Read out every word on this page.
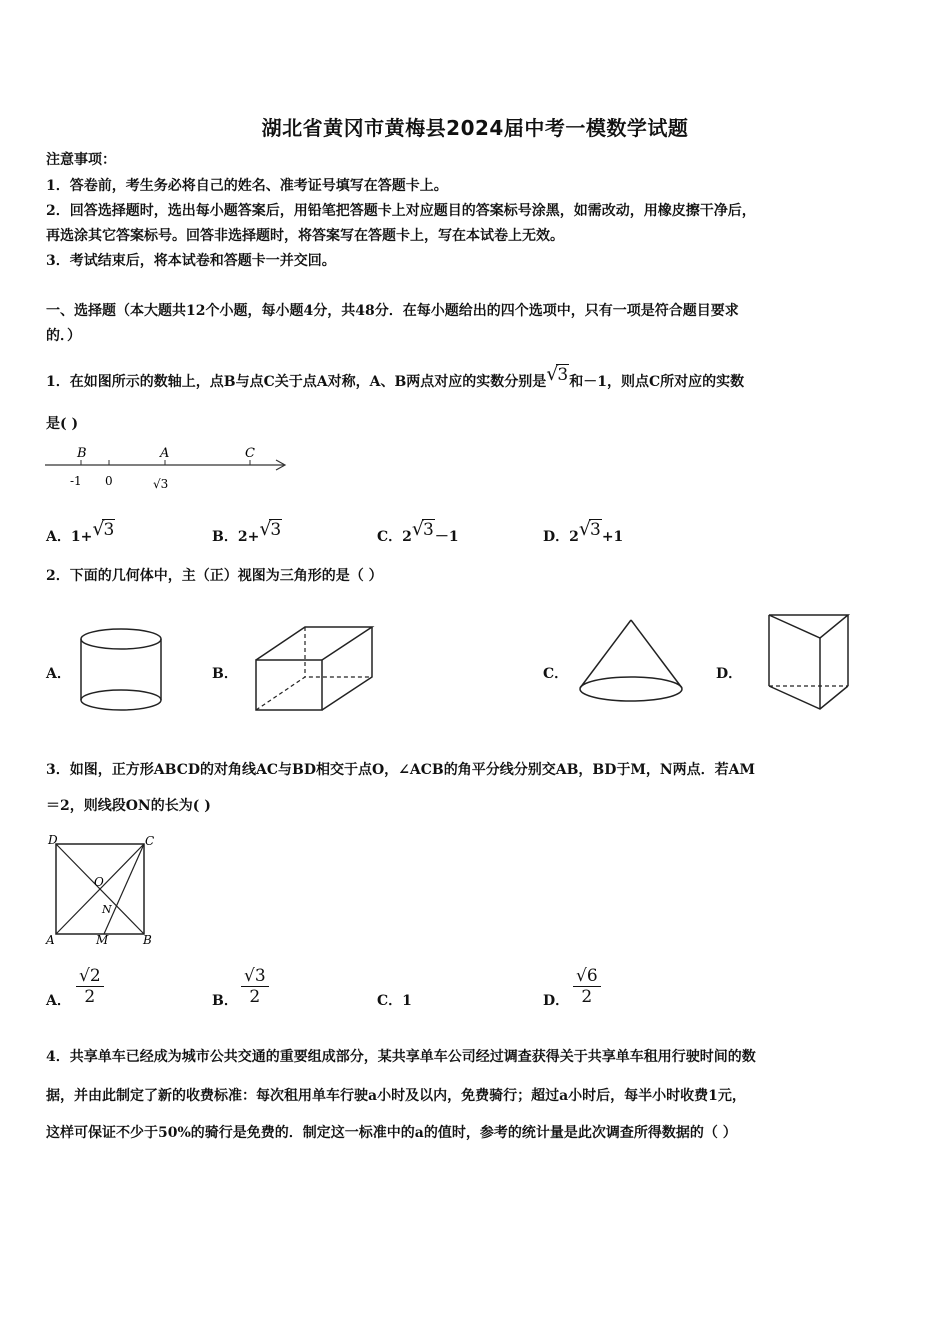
湖北省黄冈市黄梅县2024届中考一模数学试题
注意事项：
1．答卷前，考生务必将自己的姓名、准考证号填写在答题卡上。
2．回答选择题时，选出每小题答案后，用铅笔把答题卡上对应题目的答案标号涂黑，如需改动，用橡皮擦干净后，
再选涂其它答案标号。回答非选择题时，将答案写在答题卡上，写在本试卷上无效。
3．考试结束后，将本试卷和答题卡一并交回。
一、选择题（本大题共12个小题，每小题4分，共48分．在每小题给出的四个选项中，只有一项是符合题目要求
的．）
1．在如图所示的数轴上，点B与点C关于点A对称，A、B两点对应的实数分别是√3和－1，则点C所对应的实数
是( )
B	A	C
-1 0	√3
A．1+√3	B．2+√3	C．2√3－1	D．2√3+1
2．下面的几何体中，主（正）视图为三角形的是（ ）
A．	B．	C．	D．
3．如图，正方形ABCD的对角线AC与BD相交于点O，∠ACB的角平分线分别交AB，BD于M，N两点．若AM
＝2，则线段ON的长为( )
D	C
O
N
A	M	B
A． $\frac{√2}{2}$	B． $\frac{√3}{2}$	C．1	D． $\frac{√6}{2}$
4．共享单车已经成为城市公共交通的重要组成部分，某共享单车公司经过调查获得关于共享单车租用行驶时间的数
据，并由此制定了新的收费标准：每次租用单车行驶a小时及以内，免费骑行；超过a小时后，每半小时收费1元，
这样可保证不少于50%的骑行是免费的．制定这一标准中的a的值时，参考的统计量是此次调查所得数据的（ ）
